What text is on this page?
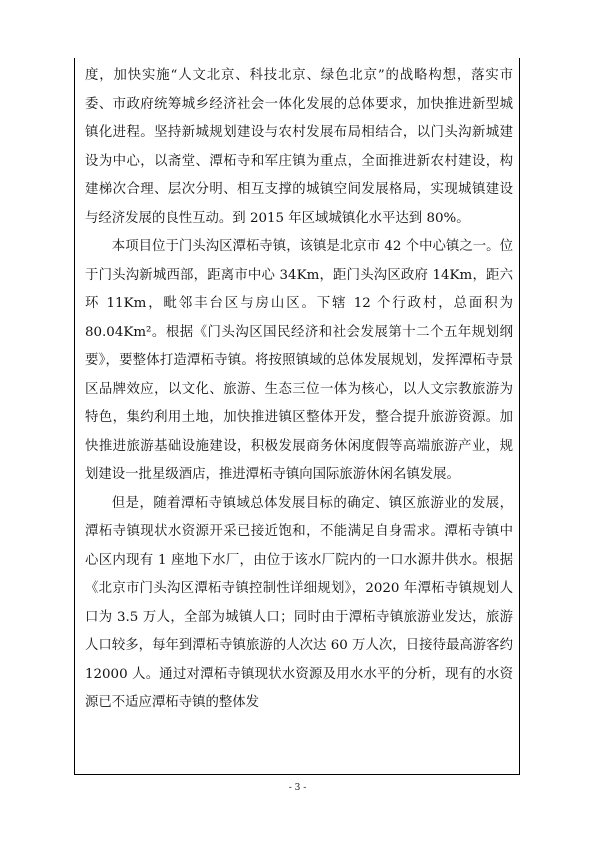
度，加快实施“人文北京、科技北京、绿色北京”的战略构想，落实市委、市政府统筹城乡经济社会一体化发展的总体要求，加快推进新型城镇化进程。坚持新城规划建设与农村发展布局相结合，以门头沟新城建设为中心，以斋堂、潭柘寺和军庄镇为重点，全面推进新农村建设，构建梯次合理、层次分明、相互支撑的城镇空间发展格局，实现城镇建设与经济发展的良性互动。到 2015 年区域城镇化水平达到 80%。

本项目位于门头沟区潭柘寺镇，该镇是北京市 42 个中心镇之一。位于门头沟新城西部，距离市中心 34Km，距门头沟区政府 14Km，距六环 11Km，毗邻丰台区与房山区。下辖 12 个行政村，总面积为 80.04Km²。根据《门头沟区国民经济和社会发展第十二个五年规划纲要》，要整体打造潭柘寺镇。将按照镇域的总体发展规划，发挥潭柘寺景区品牌效应，以文化、旅游、生态三位一体为核心，以人文宗教旅游为特色，集约利用土地，加快推进镇区整体开发，整合提升旅游资源。加快推进旅游基础设施建设，积极发展商务休闲度假等高端旅游产业，规划建设一批星级酒店，推进潭柘寺镇向国际旅游休闲名镇发展。

但是，随着潭柘寺镇域总体发展目标的确定、镇区旅游业的发展，潭柘寺镇现状水资源开采已接近饱和，不能满足自身需求。潭柘寺镇中心区内现有 1 座地下水厂，由位于该水厂院内的一口水源井供水。根据《北京市门头沟区潭柘寺镇控制性详细规划》，2020 年潭柘寺镇规划人口为 3.5 万人，全部为城镇人口；同时由于潭柘寺镇旅游业发达，旅游人口较多，每年到潭柘寺镇旅游的人次达 60 万人次，日接待最高游客约 12000 人。通过对潭柘寺镇现状水资源及用水水平的分析，现有的水资源已不适应潭柘寺镇的整体发

- 3 -
